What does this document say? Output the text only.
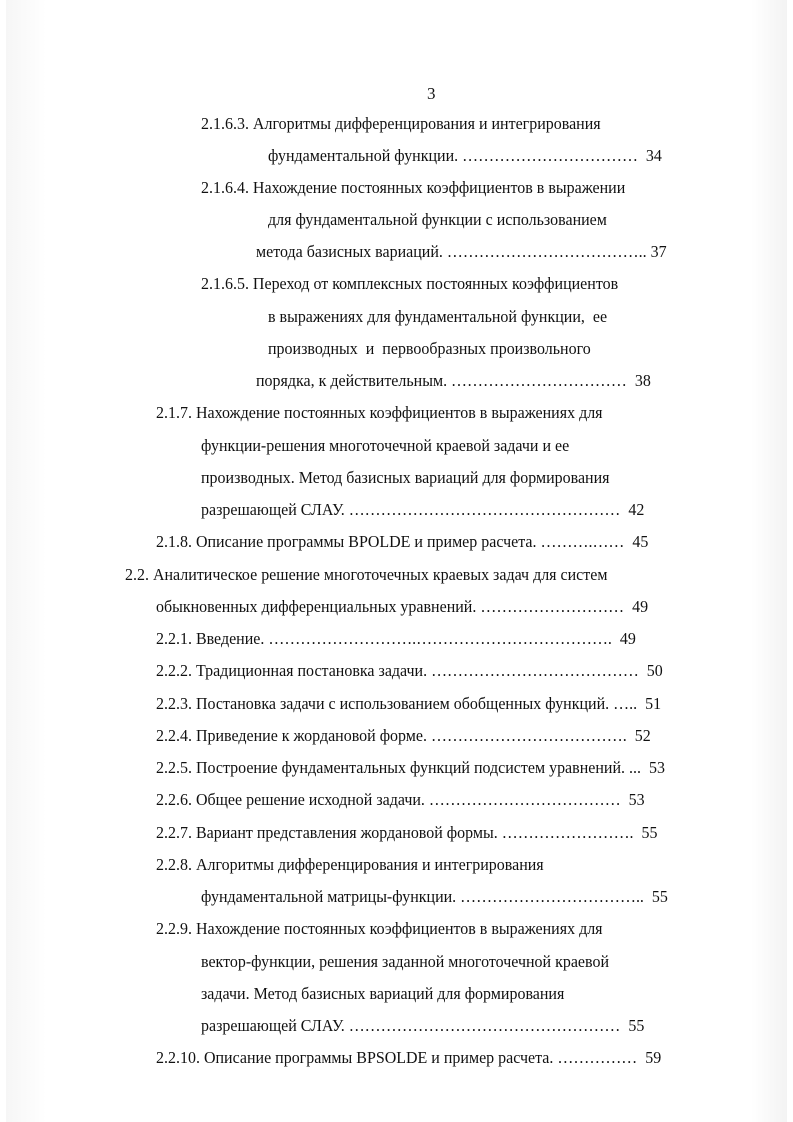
3
2.1.6.3. Алгоритмы дифференцирования и интегрирования
фундаментальной функции. ……………………………  34
2.1.6.4. Нахождение постоянных коэффициентов в выражении
для фундаментальной функции с использованием
метода базисных вариаций. ……………………………….. 37
2.1.6.5. Переход от комплексных постоянных коэффициентов
в выражениях для фундаментальной функции,  ее
производных  и  первообразных произвольного
порядка, к действительным. ……………………………  38
2.1.7. Нахождение постоянных коэффициентов в выражениях для
функции-решения многоточечной краевой задачи и ее
производных. Метод базисных вариаций для формирования
разрешающей СЛАУ. ……………………………………………  42
2.1.8. Описание программы BPOLDE и пример расчета. ……….……  45
2.2. Аналитическое решение многоточечных краевых задач для систем
обыкновенных дифференциальных уравнений. ………………………  49
2.2.1. Введение. ……………………….……………………………….  49
2.2.2. Традиционная постановка задачи. …………………………………  50
2.2.3. Постановка задачи с использованием обобщенных функций. …..  51
2.2.4. Приведение к жордановой форме. ……………………………….  52
2.2.5. Построение фундаментальных функций подсистем уравнений. ...  53
2.2.6. Общее решение исходной задачи. ………………………………  53
2.2.7. Вариант представления жордановой формы. …………………….  55
2.2.8. Алгоритмы дифференцирования и интегрирования
фундаментальной матрицы-функции. ……………………………..  55
2.2.9. Нахождение постоянных коэффициентов в выражениях для
вектор-функции, решения заданной многоточечной краевой
задачи. Метод базисных вариаций для формирования
разрешающей СЛАУ. ……………………………………………  55
2.2.10. Описание программы BPSOLDE и пример расчета. ……………  59
